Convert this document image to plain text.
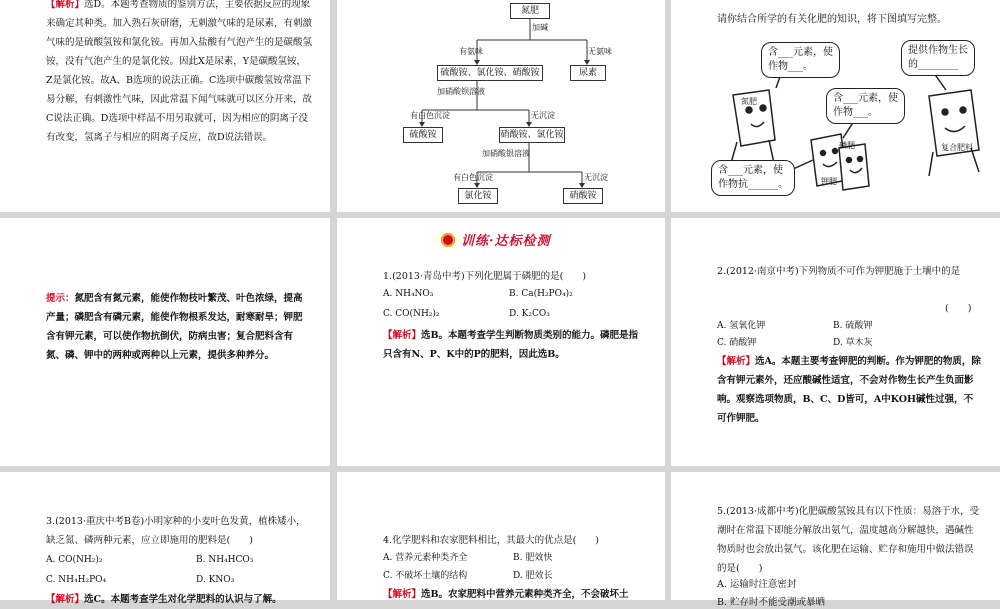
【解析】选D。本题考查物质的鉴别方法，主要依据反应的现象来确定其种类。加入熟石灰研磨，无刺激气味的是尿素，有刺激气味的是硫酸氢铵和氯化铵。再加入盐酸有气泡产生的是碳酸氢铵，没有气泡产生的是氯化铵。因此X是尿素，Y是碳酸氢铵，Z是氯化铵。故A、B选项的说法正确。C选项中碳酸氢铵常温下易分解，有刺激性气味，因此常温下闻气味就可以区分开来，故C说法正确。D选项中样品不用另取就可，因为相应的阴离子没有改变，氢离子与相应的阴离子反应，故D说法错误。
氮肥
加碱
有氨味	无氨味
硫酸铵、氯化铵、硝酸铵	尿素
加硝酸钡溶液
有白色沉淀	无沉淀
硫酸铵	硝酸铵、氯化铵
加硝酸银溶液
有白色沉淀	无沉淀
氯化铵	硝酸铵
请你结合所学的有关化肥的知识，将下图填写完整。
含___元素，使
作物___。
提供作物生长
的________
含___元素，使
作物___。
含___元素，使
作物抗______。
氮肥
磷肥
钾肥
复合肥料
提示：氮肥含有氮元素，能使作物枝叶繁茂、叶色浓绿，提高产量；磷肥含有磷元素，能使作物根系发达，耐寒耐旱；钾肥含有钾元素，可以使作物抗倒伏，防病虫害；复合肥料含有氮、磷、钾中的两种或两种以上元素，提供多种养分。
训练·达标检测
1.(2013·青岛中考)下列化肥属于磷肥的是(　　)
A. NH₄NO₃	B. Ca(H₂PO₄)₂
C. CO(NH₂)₂	D. K₂CO₃
【解析】选B。本题考查学生判断物质类别的能力。磷肥是指只含有N、P、K中的P的肥料，因此选B。
2.(2012·南京中考)下列物质不可作为钾肥施于土壤中的是
(　　)
A. 氢氧化钾	B. 硫酸钾
C. 硝酸钾	D. 草木灰
【解析】选A。本题主要考查钾肥的判断。作为钾肥的物质，除含有钾元素外，还应酸碱性适宜，不会对作物生长产生负面影响。观察选项物质，B、C、D皆可，A中KOH碱性过强，不可作钾肥。
3.(2013·重庆中考B卷)小明家种的小麦叶色发黄，植株矮小，缺乏氮、磷两种元素，应立即施用的肥料是(　　)
A. CO(NH₂)₂	B. NH₄HCO₃
C. NH₄H₂PO₄	D. KNO₃
【解析】选C。本题考查学生对化学肥料的认识与了解。
4.化学肥料和农家肥料相比，其最大的优点是(　　)
A. 营养元素种类齐全	B. 肥效快
C. 不破坏土壤的结构	D. 肥效长
【解析】选B。农家肥料中营养元素种类齐全，不会破坏土
5.(2013·成都中考)化肥碳酸氢铵具有以下性质：易溶于水，受潮时在常温下即能分解放出氨气，温度越高分解越快，遇碱性物质时也会放出氨气。该化肥在运输、贮存和施用中做法错误的是(　　)
A. 运输时注意密封
B. 贮存时不能受潮或暴晒
